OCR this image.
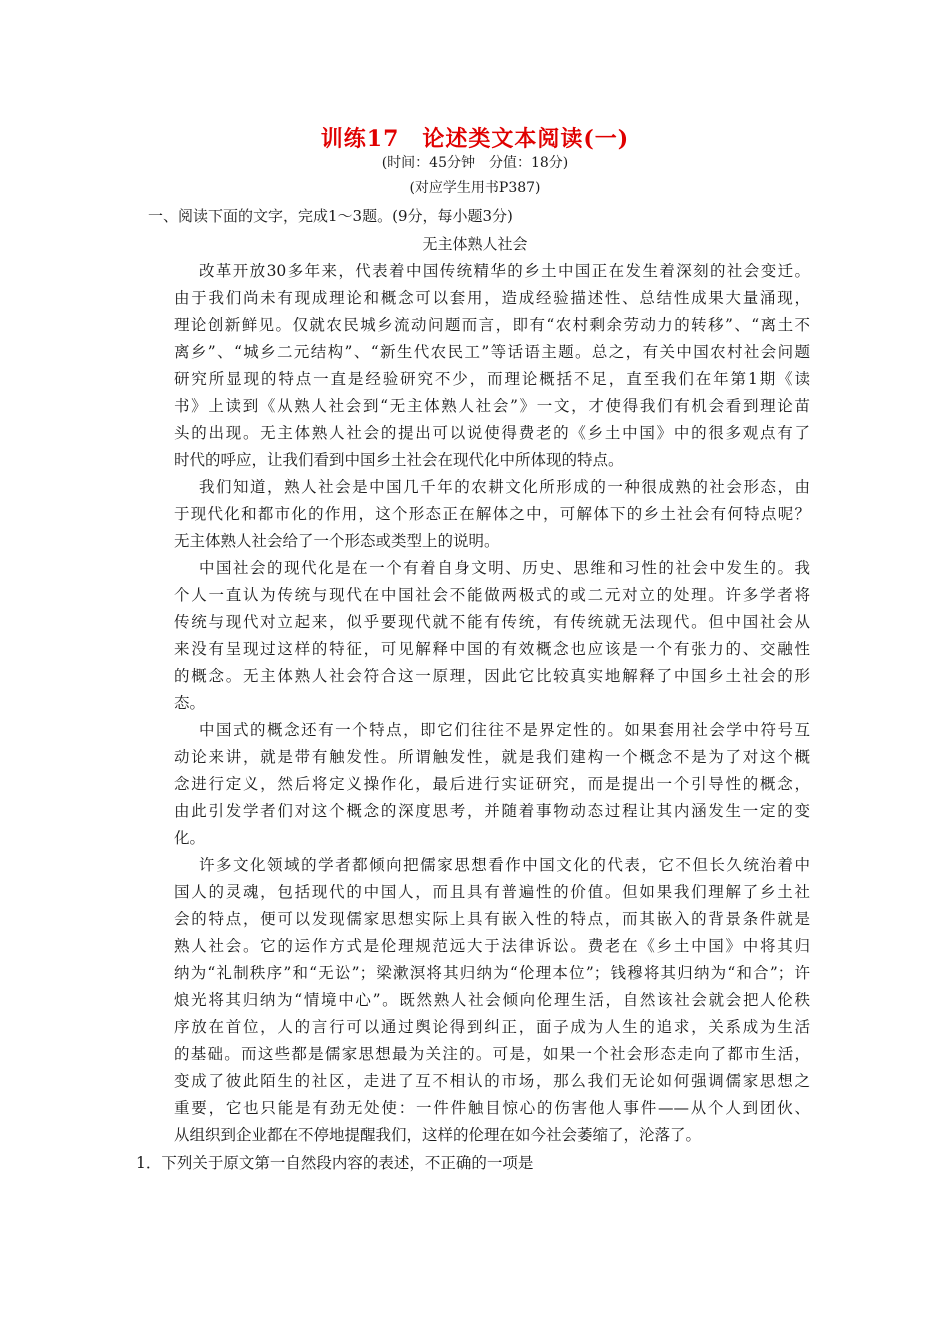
训练17　论述类文本阅读(一)
(时间：45分钟　分值：18分)
(对应学生用书P387)
一、阅读下面的文字，完成1～3题。(9分，每小题3分)
无主体熟人社会
改革开放30多年来，代表着中国传统精华的乡土中国正在发生着深刻的社会变迁。
由于我们尚未有现成理论和概念可以套用，造成经验描述性、总结性成果大量涌现，
理论创新鲜见。仅就农民城乡流动问题而言，即有“农村剩余劳动力的转移”、“离土不
离乡”、“城乡二元结构”、“新生代农民工”等话语主题。总之，有关中国农村社会问题
研究所显现的特点一直是经验研究不少，而理论概括不足，直至我们在年第1期《读
书》上读到《从熟人社会到“无主体熟人社会”》一文，才使得我们有机会看到理论苗
头的出现。无主体熟人社会的提出可以说使得费老的《乡土中国》中的很多观点有了
时代的呼应，让我们看到中国乡土社会在现代化中所体现的特点。
我们知道，熟人社会是中国几千年的农耕文化所形成的一种很成熟的社会形态，由
于现代化和都市化的作用，这个形态正在解体之中，可解体下的乡土社会有何特点呢？
无主体熟人社会给了一个形态或类型上的说明。
中国社会的现代化是在一个有着自身文明、历史、思维和习性的社会中发生的。我
个人一直认为传统与现代在中国社会不能做两极式的或二元对立的处理。许多学者将
传统与现代对立起来，似乎要现代就不能有传统，有传统就无法现代。但中国社会从
来没有呈现过这样的特征，可见解释中国的有效概念也应该是一个有张力的、交融性
的概念。无主体熟人社会符合这一原理，因此它比较真实地解释了中国乡土社会的形
态。
中国式的概念还有一个特点，即它们往往不是界定性的。如果套用社会学中符号互
动论来讲，就是带有触发性。所谓触发性，就是我们建构一个概念不是为了对这个概
念进行定义，然后将定义操作化，最后进行实证研究，而是提出一个引导性的概念，
由此引发学者们对这个概念的深度思考，并随着事物动态过程让其内涵发生一定的变
化。
许多文化领域的学者都倾向把儒家思想看作中国文化的代表，它不但长久统治着中
国人的灵魂，包括现代的中国人，而且具有普遍性的价值。但如果我们理解了乡土社
会的特点，便可以发现儒家思想实际上具有嵌入性的特点，而其嵌入的背景条件就是
熟人社会。它的运作方式是伦理规范远大于法律诉讼。费老在《乡土中国》中将其归
纳为“礼制秩序”和“无讼”；梁漱溟将其归纳为“伦理本位”；钱穆将其归纳为“和合”；许
烺光将其归纳为“情境中心”。既然熟人社会倾向伦理生活，自然该社会就会把人伦秩
序放在首位，人的言行可以通过舆论得到纠正，面子成为人生的追求，关系成为生活
的基础。而这些都是儒家思想最为关注的。可是，如果一个社会形态走向了都市生活，
变成了彼此陌生的社区，走进了互不相认的市场，那么我们无论如何强调儒家思想之
重要，它也只能是有劲无处使：一件件触目惊心的伤害他人事件——从个人到团伙、
从组织到企业都在不停地提醒我们，这样的伦理在如今社会萎缩了，沦落了。
1．下列关于原文第一自然段内容的表述，不正确的一项是
